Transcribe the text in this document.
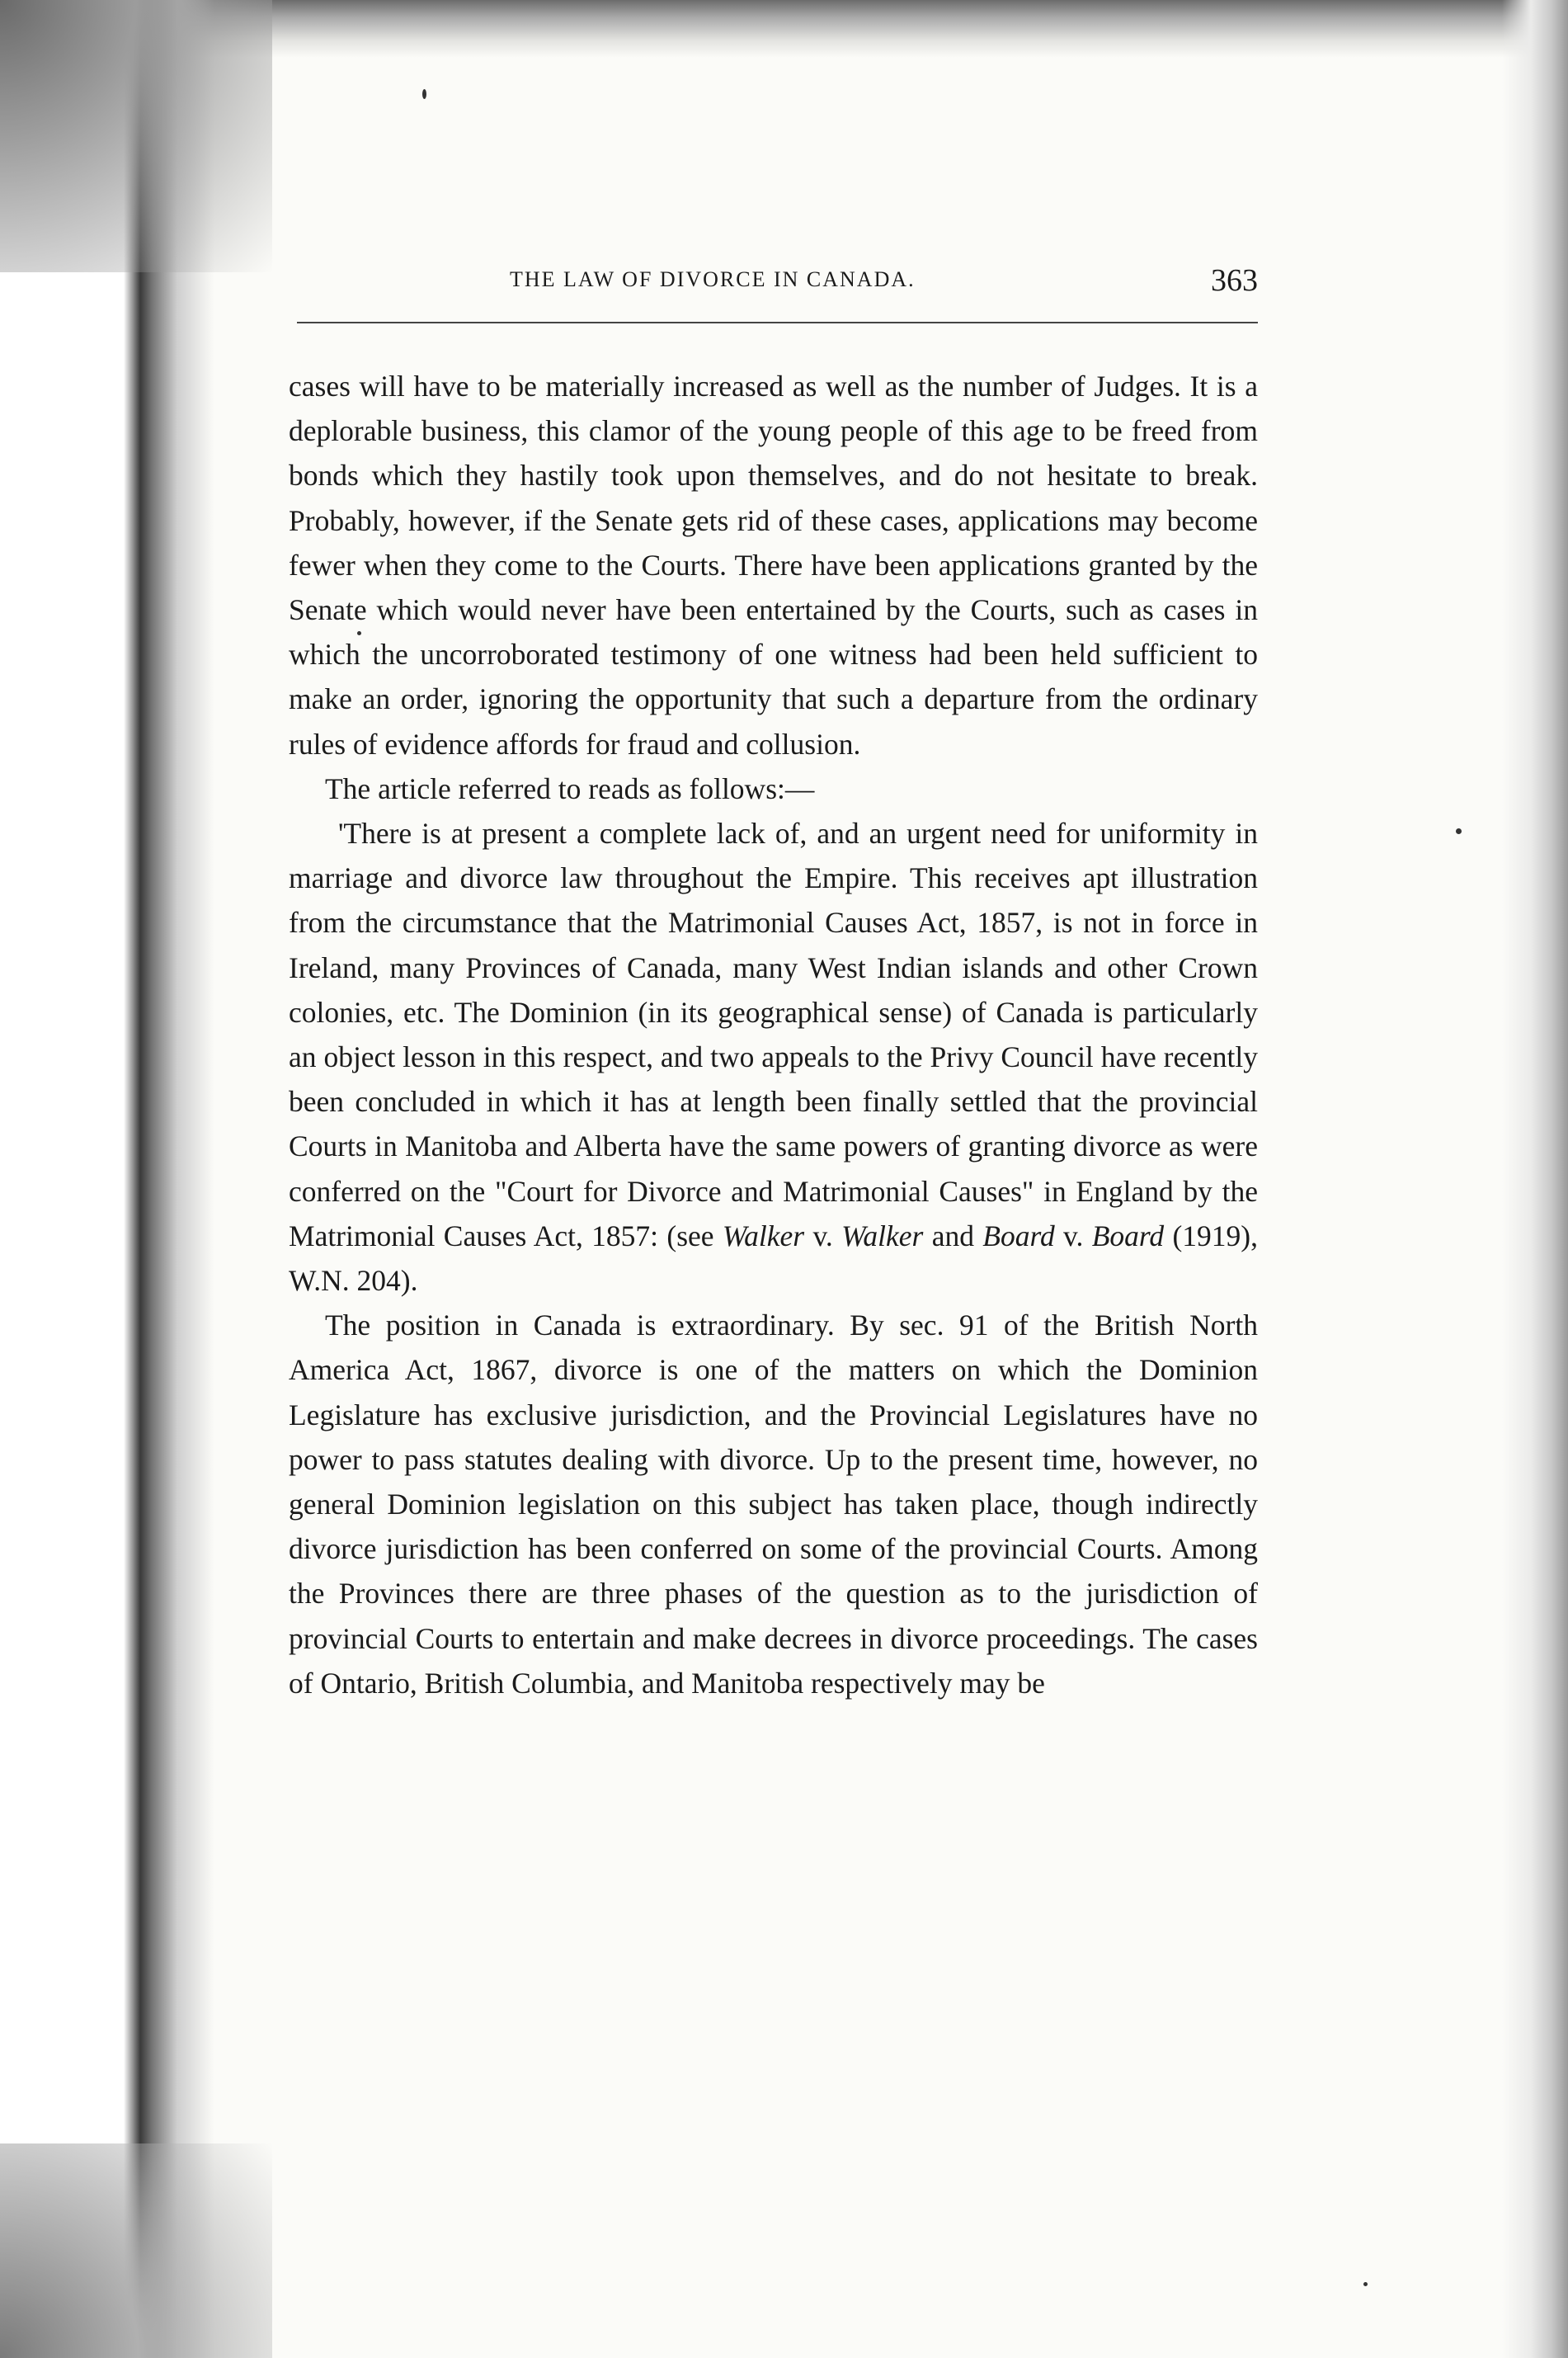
THE LAW OF DIVORCE IN CANADA.	363

cases will have to be materially increased as well as the number of Judges. It is a deplorable business, this clamor of the young people of this age to be freed from bonds which they hastily took upon themselves, and do not hesitate to break. Probably, however, if the Senate gets rid of these cases, applications may become fewer when they come to the Courts. There have been applications granted by the Senate which would never have been entertained by the Courts, such as cases in which the uncorroborated testimony of one witness had been held sufficient to make an order, ignoring the opportunity that such a departure from the ordinary rules of evidence affords for fraud and collusion.

The article referred to reads as follows:—

'There is at present a complete lack of, and an urgent need for uniformity in marriage and divorce law throughout the Empire. This receives apt illustration from the circumstance that the Matrimonial Causes Act, 1857, is not in force in Ireland, many Provinces of Canada, many West Indian islands and other Crown colonies, etc. The Dominion (in its geographical sense) of Canada is particularly an object lesson in this respect, and two appeals to the Privy Council have recently been concluded in which it has at length been finally settled that the provincial Courts in Manitoba and Alberta have the same powers of granting divorce as were conferred on the "Court for Divorce and Matrimonial Causes" in England by the Matrimonial Causes Act, 1857: (see Walker v. Walker and Board v. Board (1919), W.N. 204).

The position in Canada is extraordinary. By sec. 91 of the British North America Act, 1867, divorce is one of the matters on which the Dominion Legislature has exclusive jurisdiction, and the Provincial Legislatures have no power to pass statutes dealing with divorce. Up to the present time, however, no general Dominion legislation on this subject has taken place, though indirectly divorce jurisdiction has been conferred on some of the provincial Courts. Among the Provinces there are three phases of the question as to the jurisdiction of provincial Courts to entertain and make decrees in divorce proceedings. The cases of Ontario, British Columbia, and Manitoba respectively may be
